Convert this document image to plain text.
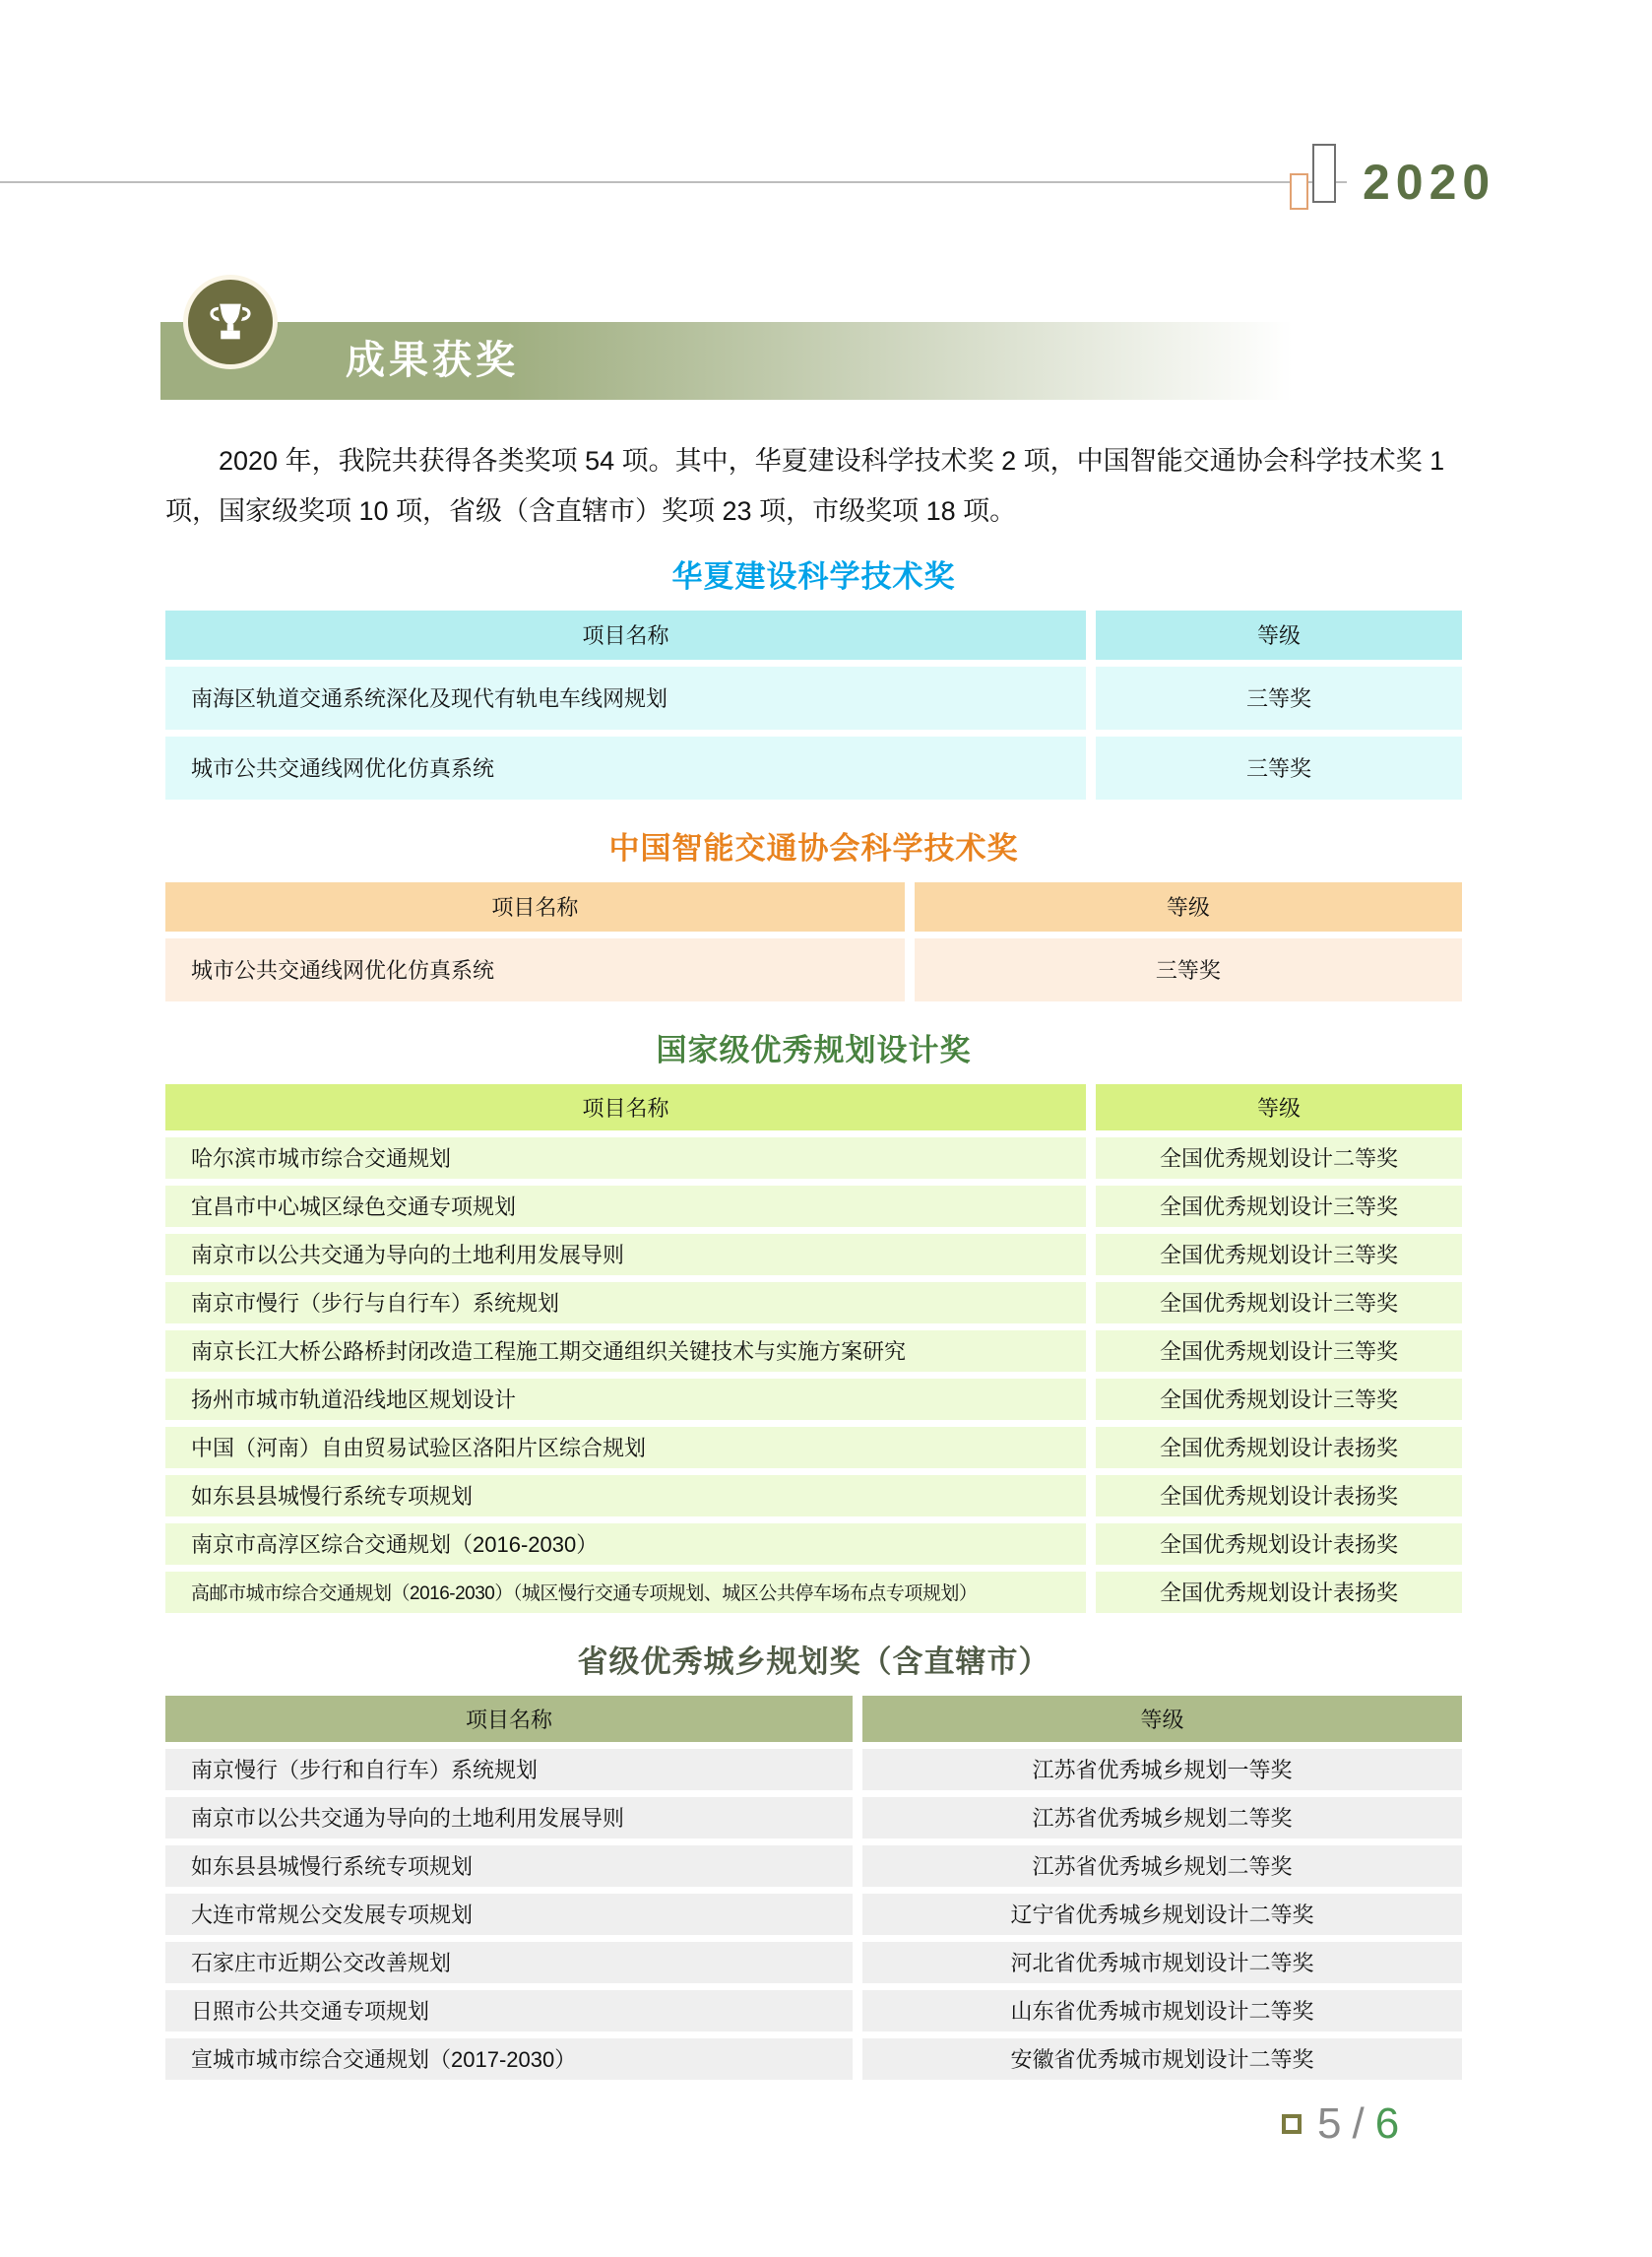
2020
成果获奖

2020 年，我院共获得各类奖项 54 项。其中，华夏建设科学技术奖 2 项，中国智能交通协会科学技术奖 1 项，国家级奖项 10 项，省级（含直辖市）奖项 23 项，市级奖项 18 项。

华夏建设科学技术奖
项目名称	等级
南海区轨道交通系统深化及现代有轨电车线网规划	三等奖
城市公共交通线网优化仿真系统	三等奖
中国智能交通协会科学技术奖
项目名称	等级
城市公共交通线网优化仿真系统	三等奖
国家级优秀规划设计奖
项目名称	等级
哈尔滨市城市综合交通规划	全国优秀规划设计二等奖
宜昌市中心城区绿色交通专项规划	全国优秀规划设计三等奖
南京市以公共交通为导向的土地利用发展导则	全国优秀规划设计三等奖
南京市慢行（步行与自行车）系统规划	全国优秀规划设计三等奖
南京长江大桥公路桥封闭改造工程施工期交通组织关键技术与实施方案研究	全国优秀规划设计三等奖
扬州市城市轨道沿线地区规划设计	全国优秀规划设计三等奖
中国（河南）自由贸易试验区洛阳片区综合规划	全国优秀规划设计表扬奖
如东县县城慢行系统专项规划	全国优秀规划设计表扬奖
南京市高淳区综合交通规划（2016-2030）	全国优秀规划设计表扬奖
高邮市城市综合交通规划（2016-2030）（城区慢行交通专项规划、城区公共停车场布点专项规划）	全国优秀规划设计表扬奖
省级优秀城乡规划奖（含直辖市）
项目名称	等级
南京慢行（步行和自行车）系统规划	江苏省优秀城乡规划一等奖
南京市以公共交通为导向的土地利用发展导则	江苏省优秀城乡规划二等奖
如东县县城慢行系统专项规划	江苏省优秀城乡规划二等奖
大连市常规公交发展专项规划	辽宁省优秀城乡规划设计二等奖
石家庄市近期公交改善规划	河北省优秀城市规划设计二等奖
日照市公共交通专项规划	山东省优秀城市规划设计二等奖
宣城市城市综合交通规划（2017-2030）	安徽省优秀城市规划设计二等奖
5 / 6
